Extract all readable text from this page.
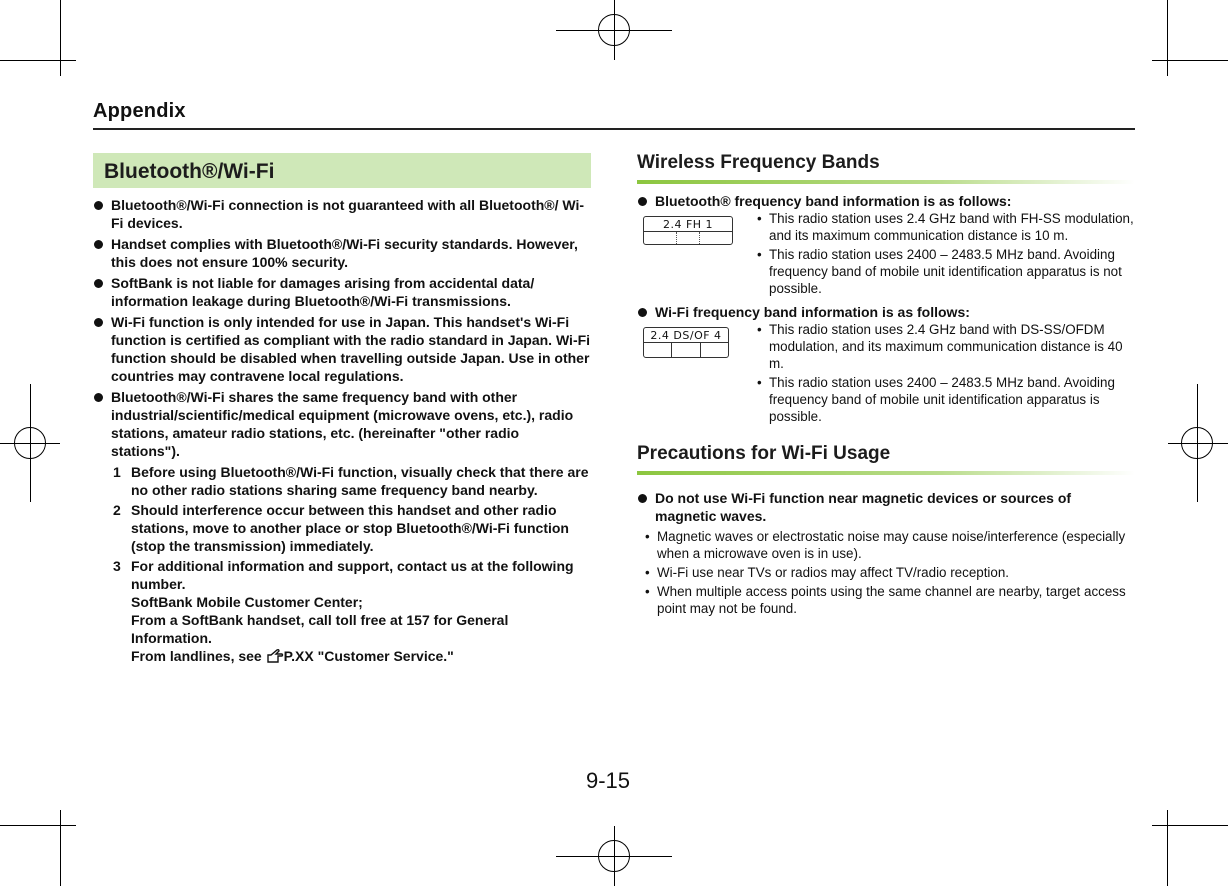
Appendix
Bluetooth®/Wi-Fi
Bluetooth®/Wi-Fi connection is not guaranteed with all Bluetooth®/ Wi-Fi devices.
Handset complies with Bluetooth®/Wi-Fi security standards. However, this does not ensure 100% security.
SoftBank is not liable for damages arising from accidental data/ information leakage during Bluetooth®/Wi-Fi transmissions.
Wi-Fi function is only intended for use in Japan. This handset's Wi-Fi function is certified as compliant with the radio standard in Japan. Wi-Fi function should be disabled when travelling outside Japan. Use in other countries may contravene local regulations.
Bluetooth®/Wi-Fi shares the same frequency band with other industrial/scientific/medical equipment (microwave ovens, etc.), radio stations, amateur radio stations, etc. (hereinafter "other radio stations").
1 Before using Bluetooth®/Wi-Fi function, visually check that there are no other radio stations sharing same frequency band nearby.
2 Should interference occur between this handset and other radio stations, move to another place or stop Bluetooth®/Wi-Fi function (stop the transmission) immediately.
3 For additional information and support, contact us at the following number.
SoftBank Mobile Customer Center;
From a SoftBank handset, call toll free at 157 for General Information.
From landlines, see P.XX "Customer Service."
Wireless Frequency Bands
Bluetooth® frequency band information is as follows:
2.4 FH 1	• This radio station uses 2.4 GHz band with FH-SS modulation, and its maximum communication distance is 10 m.
• This radio station uses 2400 – 2483.5 MHz band. Avoiding frequency band of mobile unit identification apparatus is not possible.
Wi-Fi frequency band information is as follows:
2.4 DS/OF 4	• This radio station uses 2.4 GHz band with DS-SS/OFDM modulation, and its maximum communication distance is 40 m.
• This radio station uses 2400 – 2483.5 MHz band. Avoiding frequency band of mobile unit identification apparatus is possible.
Precautions for Wi-Fi Usage
Do not use Wi-Fi function near magnetic devices or sources of magnetic waves.
• Magnetic waves or electrostatic noise may cause noise/interference (especially when a microwave oven is in use).
• Wi-Fi use near TVs or radios may affect TV/radio reception.
• When multiple access points using the same channel are nearby, target access point may not be found.
9-15
